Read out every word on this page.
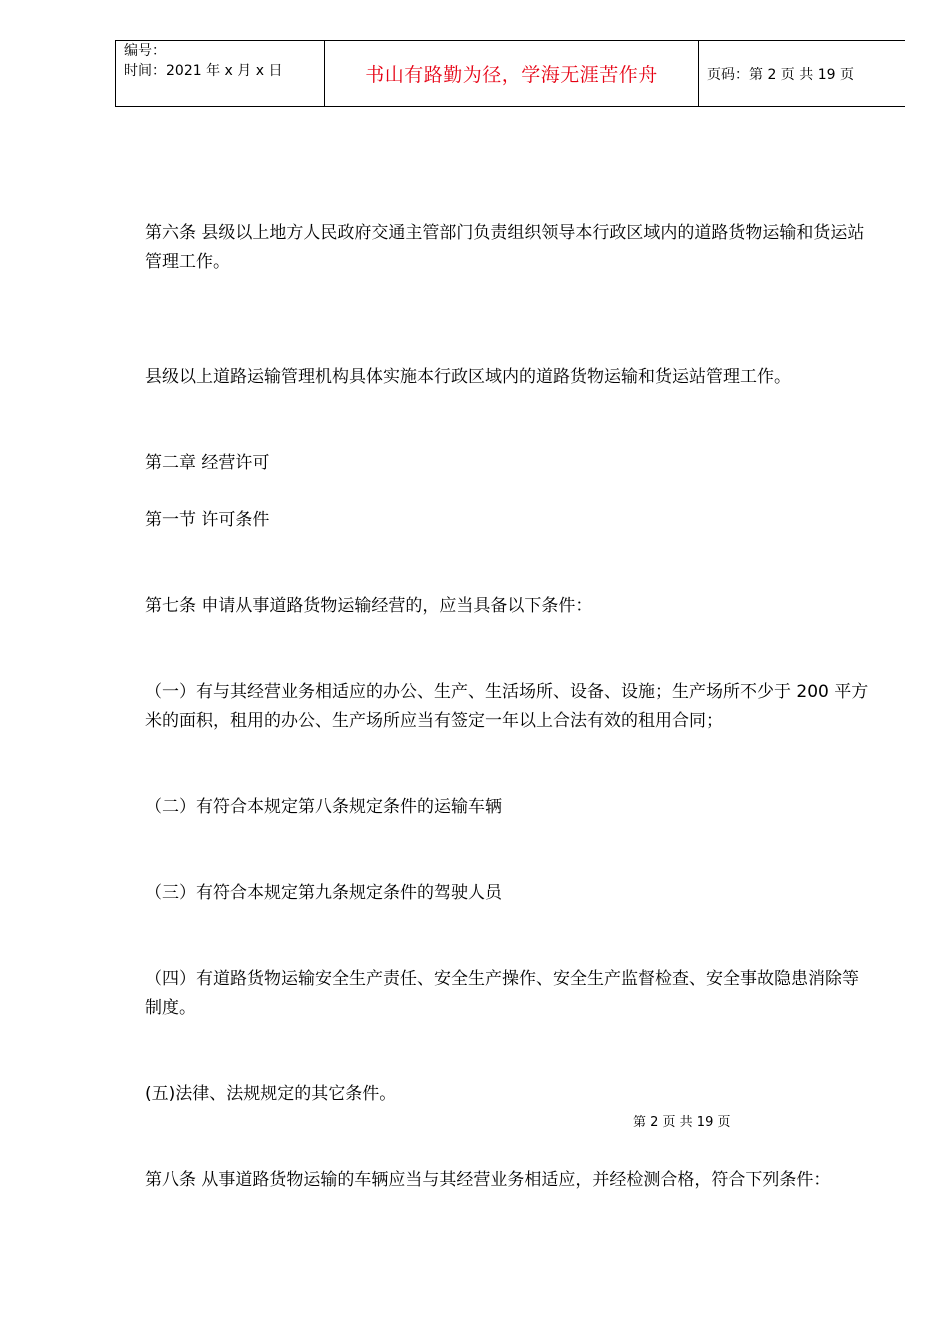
编号：
时间：2021 年 x 月 x 日	书山有路勤为径，学海无涯苦作舟	页码：第 2 页 共 19 页

第六条 县级以上地方人民政府交通主管部门负责组织领导本行政区域内的道路货物运输和货运站管理工作。

县级以上道路运输管理机构具体实施本行政区域内的道路货物运输和货运站管理工作。

第二章 经营许可

第一节 许可条件

第七条 申请从事道路货物运输经营的，应当具备以下条件：

（一）有与其经营业务相适应的办公、生产、生活场所、设备、设施；生产场所不少于 200 平方米的面积，租用的办公、生产场所应当有签定一年以上合法有效的租用合同；

（二）有符合本规定第八条规定条件的运输车辆

（三）有符合本规定第九条规定条件的驾驶人员

（四）有道路货物运输安全生产责任、安全生产操作、安全生产监督检查、安全事故隐患消除等制度。

(五)法律、法规规定的其它条件。

第 2 页 共 19 页

第八条 从事道路货物运输的车辆应当与其经营业务相适应，并经检测合格，符合下列条件：
